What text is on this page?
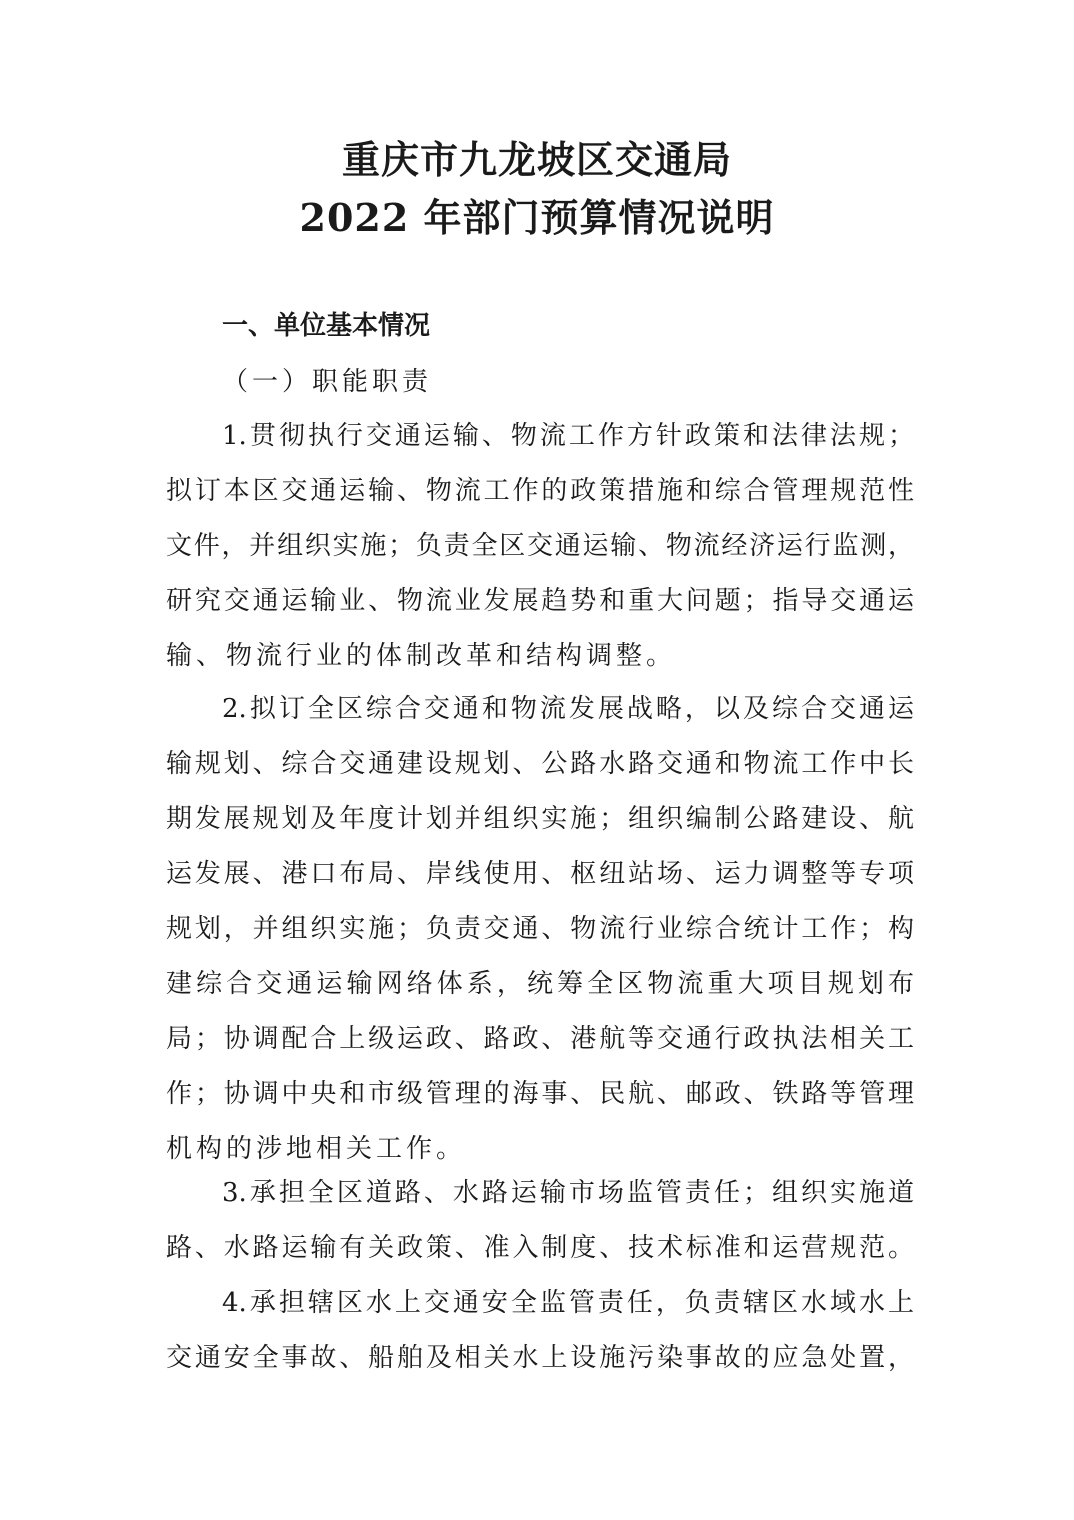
重庆市九龙坡区交通局
2022 年部门预算情况说明
一、单位基本情况
（一）职能职责
1.贯彻执行交通运输、物流工作方针政策和法律法规；
拟订本区交通运输、物流工作的政策措施和综合管理规范性
文件，并组织实施；负责全区交通运输、物流经济运行监测，
研究交通运输业、物流业发展趋势和重大问题；指导交通运
输、物流行业的体制改革和结构调整。
2.拟订全区综合交通和物流发展战略，以及综合交通运
输规划、综合交通建设规划、公路水路交通和物流工作中长
期发展规划及年度计划并组织实施；组织编制公路建设、航
运发展、港口布局、岸线使用、枢纽站场、运力调整等专项
规划，并组织实施；负责交通、物流行业综合统计工作；构
建综合交通运输网络体系，统筹全区物流重大项目规划布
局；协调配合上级运政、路政、港航等交通行政执法相关工
作；协调中央和市级管理的海事、民航、邮政、铁路等管理
机构的涉地相关工作。
3.承担全区道路、水路运输市场监管责任；组织实施道
路、水路运输有关政策、准入制度、技术标准和运营规范。
4.承担辖区水上交通安全监管责任，负责辖区水域水上
交通安全事故、船舶及相关水上设施污染事故的应急处置，
